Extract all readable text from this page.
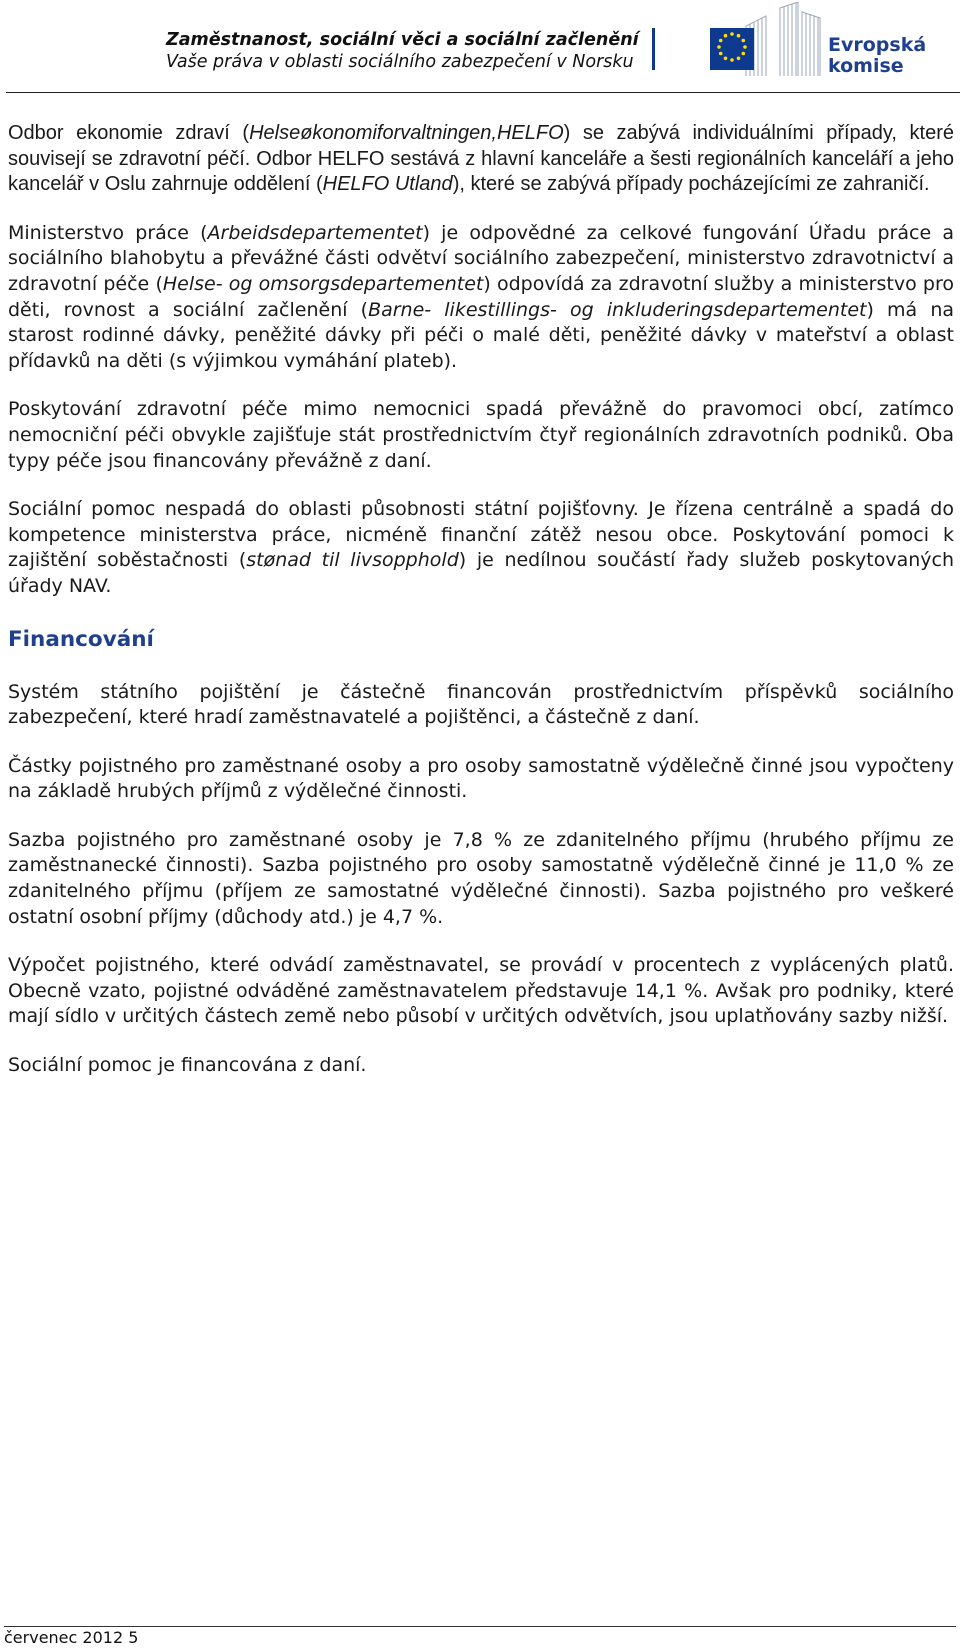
Zaměstnanost, sociální věci a sociální začlenění
Vaše práva v oblasti sociálního zabezpečení v Norsku
Evropská
komise

Odbor ekonomie zdraví (Helseøkonomiforvaltningen,HELFO) se zabývá individuálními případy, které souvisejí se zdravotní péčí. Odbor HELFO sestává z hlavní kanceláře a šesti regionálních kanceláří a jeho kancelář v Oslu zahrnuje oddělení (HELFO Utland), které se zabývá případy pocházejícími ze zahraničí.

Ministerstvo práce (Arbeidsdepartementet) je odpovědné za celkové fungování Úřadu práce a sociálního blahobytu a převážné části odvětví sociálního zabezpečení, ministerstvo zdravotnictví a zdravotní péče (Helse- og omsorgsdepartementet) odpovídá za zdravotní služby a ministerstvo pro děti, rovnost a sociální začlenění (Barne- likestillings- og inkluderingsdepartementet) má na starost rodinné dávky, peněžité dávky při péči o malé děti, peněžité dávky v mateřství a oblast přídavků na děti (s výjimkou vymáhání plateb).

Poskytování zdravotní péče mimo nemocnici spadá převážně do pravomoci obcí, zatímco nemocniční péči obvykle zajišťuje stát prostřednictvím čtyř regionálních zdravotních podniků. Oba typy péče jsou financovány převážně z daní.

Sociální pomoc nespadá do oblasti působnosti státní pojišťovny. Je řízena centrálně a spadá do kompetence ministerstva práce, nicméně finanční zátěž nesou obce. Poskytování pomoci k zajištění soběstačnosti (stønad til livsopphold) je nedílnou součástí řady služeb poskytovaných úřady NAV.

Financování

Systém státního pojištění je částečně financován prostřednictvím příspěvků sociálního zabezpečení, které hradí zaměstnavatelé a pojištěnci, a částečně z daní.

Částky pojistného pro zaměstnané osoby a pro osoby samostatně výdělečně činné jsou vypočteny na základě hrubých příjmů z výdělečné činnosti.

Sazba pojistného pro zaměstnané osoby je 7,8 % ze zdanitelného příjmu (hrubého příjmu ze zaměstnanecké činnosti). Sazba pojistného pro osoby samostatně výdělečně činné je 11,0 % ze zdanitelného příjmu (příjem ze samostatné výdělečné činnosti). Sazba pojistného pro veškeré ostatní osobní příjmy (důchody atd.) je 4,7 %.

Výpočet pojistného, které odvádí zaměstnavatel, se provádí v procentech z vyplácených platů. Obecně vzato, pojistné odváděné zaměstnavatelem představuje 14,1 %. Avšak pro podniky, které mají sídlo v určitých částech země nebo působí v určitých odvětvích, jsou uplatňovány sazby nižší.

Sociální pomoc je financována z daní.

červenec 2012 5
